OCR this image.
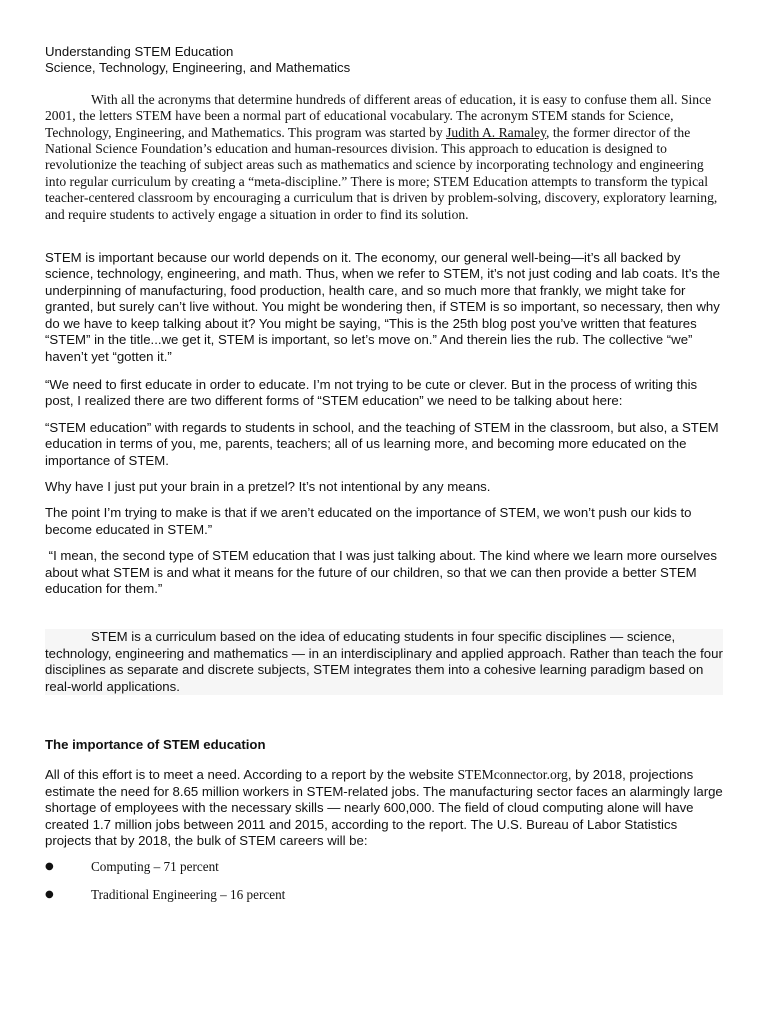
Understanding STEM Education

Science, Technology, Engineering, and Mathematics

With all the acronyms that determine hundreds of different areas of education, it is easy to confuse them all. Since 2001, the letters STEM have been a normal part of educational vocabulary. The acronym STEM stands for Science, Technology, Engineering, and Mathematics. This program was started by Judith A. Ramaley, the former director of the National Science Foundation’s education and human-resources division. This approach to education is designed to revolutionize the teaching of subject areas such as mathematics and science by incorporating technology and engineering into regular curriculum by creating a “meta-discipline.” There is more; STEM Education attempts to transform the typical teacher-centered classroom by encouraging a curriculum that is driven by problem-solving, discovery, exploratory learning, and require students to actively engage a situation in order to find its solution.

STEM is important because our world depends on it. The economy, our general well-being—it’s all backed by science, technology, engineering, and math. Thus, when we refer to STEM, it’s not just coding and lab coats. It’s the underpinning of manufacturing, food production, health care, and so much more that frankly, we might take for granted, but surely can’t live without. You might be wondering then, if STEM is so important, so necessary, then why do we have to keep talking about it? You might be saying, “This is the 25th blog post you’ve written that features “STEM” in the title...we get it, STEM is important, so let’s move on.” And therein lies the rub. The collective “we” haven’t yet “gotten it.”

“We need to first educate in order to educate. I’m not trying to be cute or clever. But in the process of writing this post, I realized there are two different forms of “STEM education” we need to be talking about here:

“STEM education” with regards to students in school, and the teaching of STEM in the classroom, but also, a STEM education in terms of you, me, parents, teachers; all of us learning more, and becoming more educated on the importance of STEM.

Why have I just put your brain in a pretzel? It’s not intentional by any means.

The point I’m trying to make is that if we aren’t educated on the importance of STEM, we won’t push our kids to become educated in STEM.”

“I mean, the second type of STEM education that I was just talking about. The kind where we learn more ourselves about what STEM is and what it means for the future of our children, so that we can then provide a better STEM education for them.”

STEM is a curriculum based on the idea of educating students in four specific disciplines — science, technology, engineering and mathematics — in an interdisciplinary and applied approach. Rather than teach the four disciplines as separate and discrete subjects, STEM integrates them into a cohesive learning paradigm based on real-world applications.

The importance of STEM education

All of this effort is to meet a need. According to a report by the website STEMconnector.org, by 2018, projections estimate the need for 8.65 million workers in STEM-related jobs. The manufacturing sector faces an alarmingly large shortage of employees with the necessary skills — nearly 600,000. The field of cloud computing alone will have created 1.7 million jobs between 2011 and 2015, according to the report. The U.S. Bureau of Labor Statistics projects that by 2018, the bulk of STEM careers will be:

●	Computing – 71 percent
●	Traditional Engineering – 16 percent
